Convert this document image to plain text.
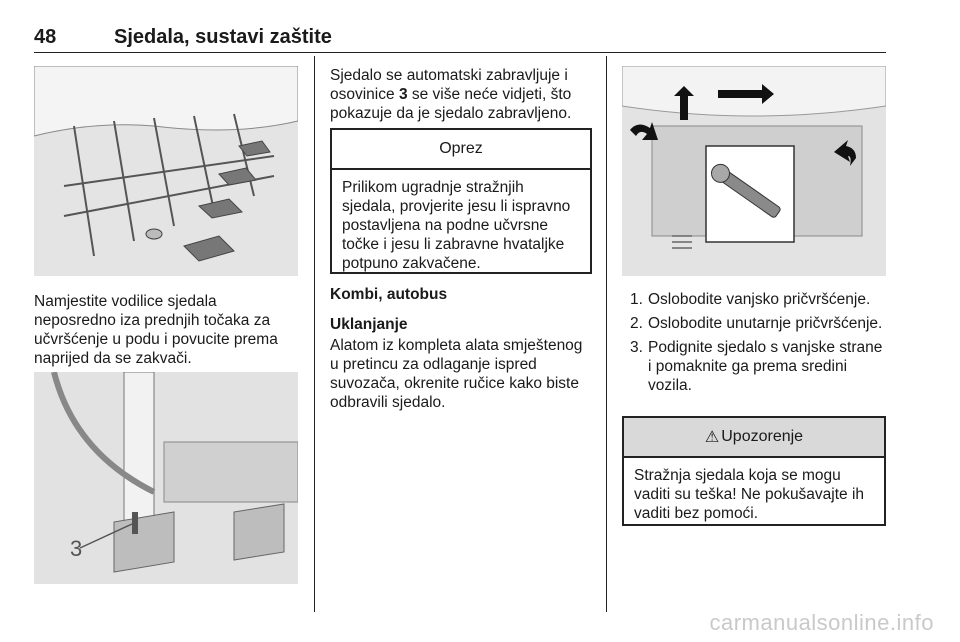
48	Sjedala, sustavi zaštite
Namjestite vodilice sjedala neposredno iza prednjih točaka za učvršćenje u podu i povucite prema naprijed da se zakvači.
3
Sjedalo se automatski zabravljuje i osovinice 3 se više neće vidjeti, što pokazuje da je sjedalo zabravljeno.
Oprez
Prilikom ugradnje stražnjih sjedala, provjerite jesu li ispravno postavljena na podne učvrsne točke i jesu li zabravne hvataljke potpuno zakvačene.
Kombi, autobus
Uklanjanje
Alatom iz kompleta alata smještenog u pretincu za odlaganje ispred suvozača, okrenite ručice kako biste odbravili sjedalo.
1. Oslobodite vanjsko pričvršćenje.
2. Oslobodite unutarnje pričvršćenje.
3. Podignite sjedalo s vanjske strane i pomaknite ga prema sredini vozila.
⚠ Upozorenje
Stražnja sjedala koja se mogu vaditi su teška! Ne pokušavajte ih vaditi bez pomoći.
carmanualsonline.info
